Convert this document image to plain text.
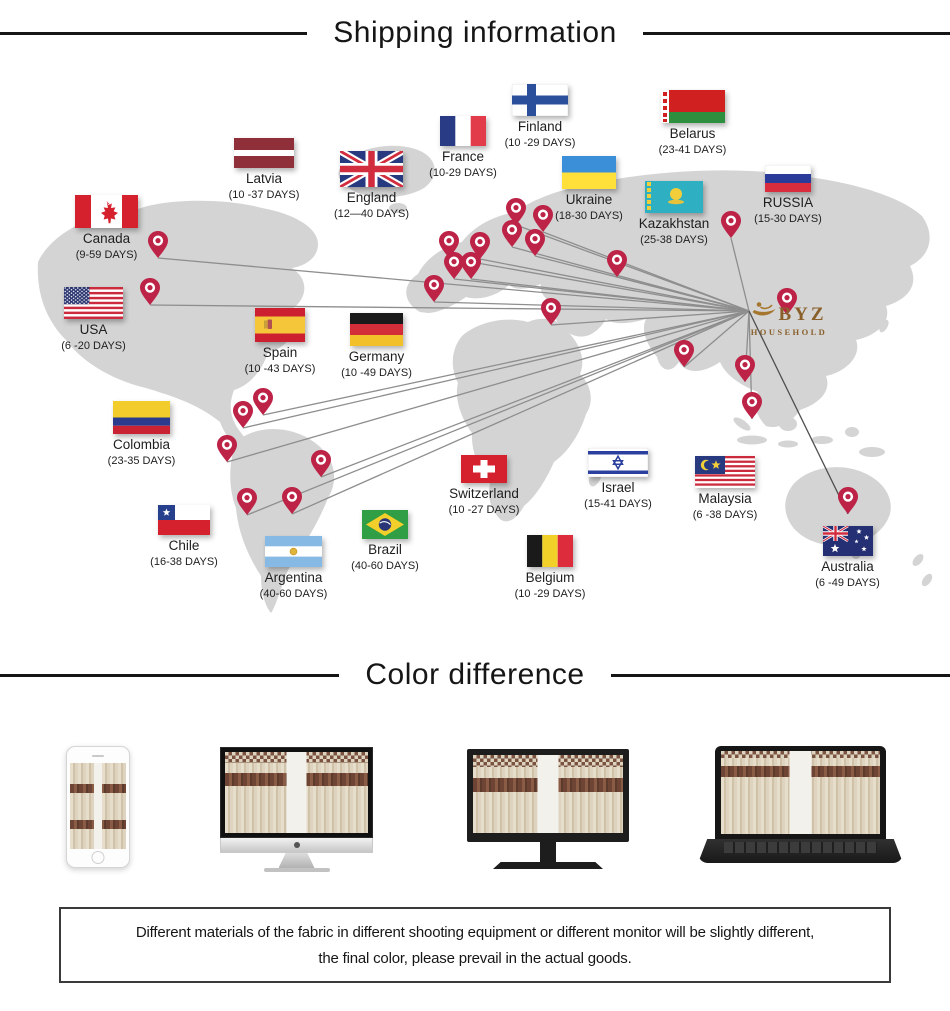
Shipping information
BYZ
HOUSEHOLD
Finland
(10 -29 DAYS)
Belarus
(23-41 DAYS)
France
(10-29 DAYS)
Latvia
(10 -37 DAYS)	England
(12—40 DAYS)
Ukraine
(18-30 DAYS)
Kazakhstan
(25-38 DAYS)
RUSSIA
(15-30 DAYS)
Canada
(9-59 DAYS)
USA
(6 -20 DAYS)	Spain
(10 -43 DAYS)
Germany
(10 -49 DAYS)
Colombia
(23-35 DAYS)
Switzerland
(10 -27 DAYS)
Israel
(15-41 DAYS)	Malaysia
(6 -38 DAYS)
Chile
(16-38 DAYS)
Argentina
(40-60 DAYS)
Brazil
(40-60 DAYS)
Belgium
(10 -29 DAYS)
Australia
(6 -49 DAYS)
Color difference
Different materials of the fabric in different shooting equipment or different monitor will be slightly different,
the final color, please prevail in the actual goods.
